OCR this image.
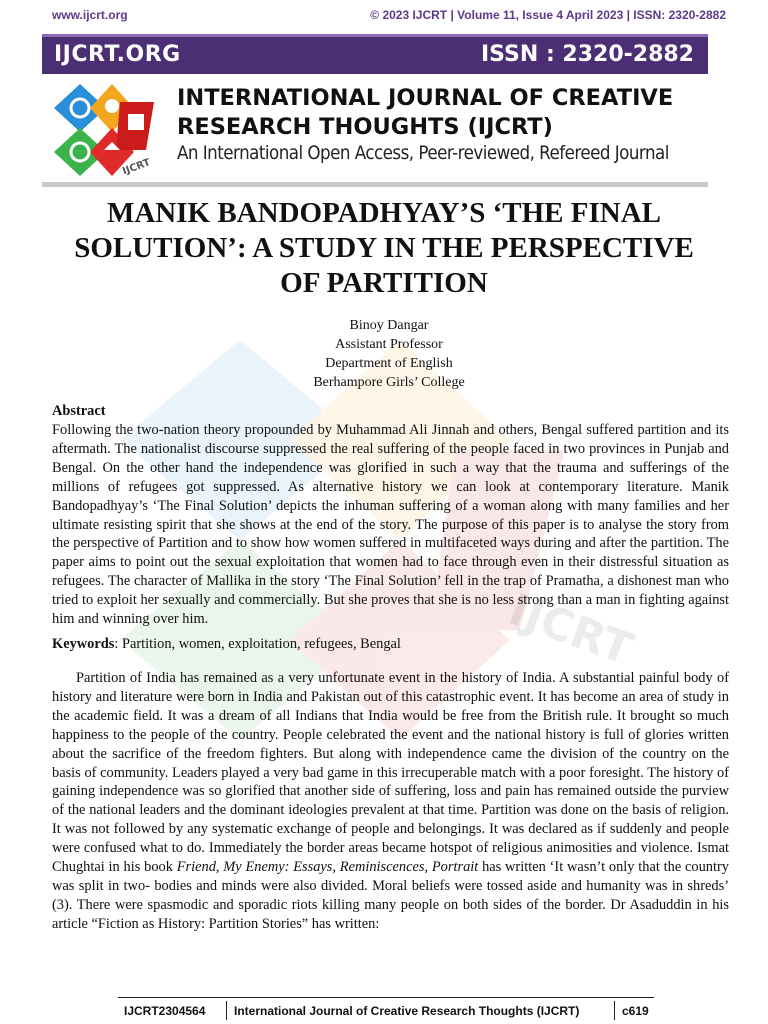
IJCRT
www.ijcrt.org	© 2023 IJCRT | Volume 11, Issue 4 April 2023 | ISSN: 2320-2882
IJCRT.ORG	ISSN : 2320-2882
IJCRT
INTERNATIONAL JOURNAL OF CREATIVE
RESEARCH THOUGHTS (IJCRT)
An International Open Access, Peer-reviewed, Refereed Journal
MANIK BANDOPADHYAY’S ‘THE FINAL
SOLUTION’: A STUDY IN THE PERSPECTIVE
OF PARTITION
Binoy Dangar
Assistant Professor
Department of English
Berhampore Girls’ College
Abstract

Following the two-nation theory propounded by Muhammad Ali Jinnah and others, Bengal suffered partition and its aftermath. The nationalist discourse suppressed the real suffering of the people faced in two provinces in Punjab and Bengal. On the other hand the independence was glorified in such a way that the trauma and sufferings of the millions of refugees got suppressed. As alternative history we can look at contemporary literature. Manik Bandopadhyay’s ‘The Final Solution’ depicts the inhuman suffering of a woman along with many families and her ultimate resisting spirit that she shows at the end of the story. The purpose of this paper is to analyse the story from the perspective of Partition and to show how women suffered in multifaceted ways during and after the partition. The paper aims to point out the sexual exploitation that women had to face through even in their distressful situation as refugees. The character of Mallika in the story ‘The Final Solution’ fell in the trap of Pramatha, a dishonest man who tried to exploit her sexually and commercially. But she proves that she is no less strong than a man in fighting against him and winning over him.

Keywords: Partition, women, exploitation, refugees, Bengal

Partition of India has remained as a very unfortunate event in the history of India. A substantial painful body of history and literature were born in India and Pakistan out of this catastrophic event. It has become an area of study in the academic field. It was a dream of all Indians that India would be free from the British rule. It brought so much happiness to the people of the country. People celebrated the event and the national history is full of glories written about the sacrifice of the freedom fighters. But along with independence came the division of the country on the basis of community. Leaders played a very bad game in this irrecuperable match with a poor foresight. The history of gaining independence was so glorified that another side of suffering, loss and pain has remained outside the purview of the national leaders and the dominant ideologies prevalent at that time. Partition was done on the basis of religion. It was not followed by any systematic exchange of people and belongings. It was declared as if suddenly and people were confused what to do. Immediately the border areas became hotspot of religious animosities and violence. Ismat Chughtai in his book Friend, My Enemy: Essays, Reminiscences, Portrait has written ‘It wasn’t only that the country was split in two- bodies and minds were also divided. Moral beliefs were tossed aside and humanity was in shreds’ (3). There were spasmodic and sporadic riots killing many people on both sides of the border. Dr Asaduddin in his article “Fiction as History: Partition Stories” has written:

IJCRT2304564 International Journal of Creative Research Thoughts (IJCRT)	c619
